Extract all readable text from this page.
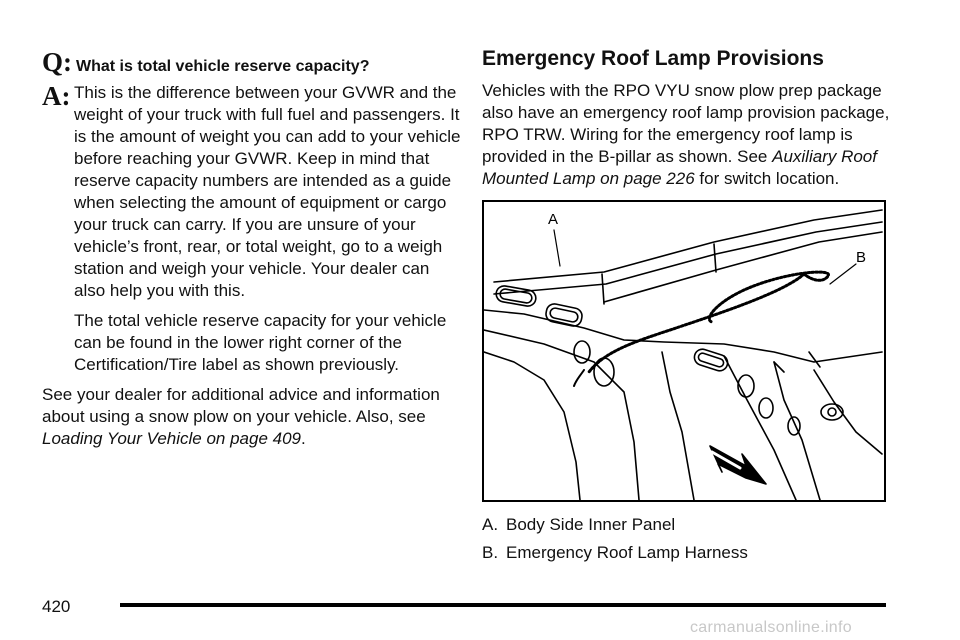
Q: What is total vehicle reserve capacity?
A: This is the difference between your GVWR and the weight of your truck with full fuel and passengers. It is the amount of weight you can add to your vehicle before reaching your GVWR. Keep in mind that reserve capacity numbers are intended as a guide when selecting the amount of equipment or cargo your truck can carry. If you are unsure of your vehicle’s front, rear, or total weight, go to a weigh station and weigh your vehicle. Your dealer can also help you with this.

The total vehicle reserve capacity for your vehicle can be found in the lower right corner of the Certification/Tire label as shown previously.

See your dealer for additional advice and information about using a snow plow on your vehicle. Also, see Loading Your Vehicle on page 409.

Emergency Roof Lamp Provisions

Vehicles with the RPO VYU snow plow prep package also have an emergency roof lamp provision package, RPO TRW. Wiring for the emergency roof lamp is provided in the B-pillar as shown. See Auxiliary Roof Mounted Lamp on page 226 for switch location.

A
B
A. Body Side Inner Panel
B. Emergency Roof Lamp Harness
420
carmanualsonline.info
